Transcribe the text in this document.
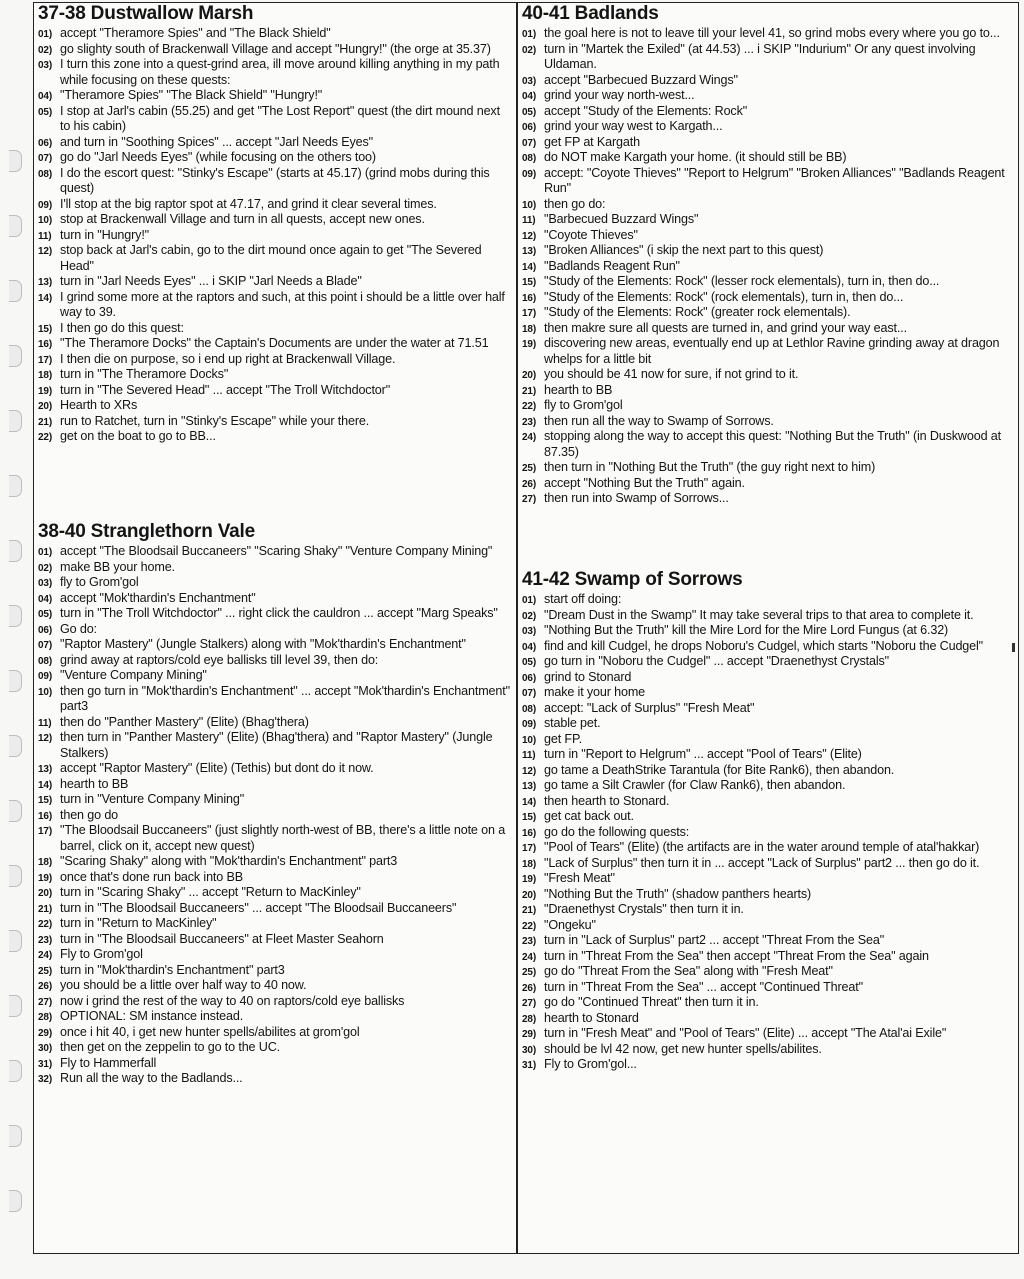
37-38 Dustwallow Marsh
01) accept "Theramore Spies" and "The Black Shield"
02) go slighty south of Brackenwall Village and accept "Hungry!" (the orge at 35.37)
03) I turn this zone into a quest-grind area, ill move around killing anything in my path while focusing on these quests:
04) "Theramore Spies" "The Black Shield" "Hungry!"
05) I stop at Jarl's cabin (55.25) and get "The Lost Report" quest (the dirt mound next to his cabin)
06) and turn in "Soothing Spices" ... accept "Jarl Needs Eyes"
07) go do "Jarl Needs Eyes" (while focusing on the others too)
08) I do the escort quest: "Stinky's Escape" (starts at 45.17) (grind mobs during this quest)
09) I'll stop at the big raptor spot at 47.17, and grind it clear several times.
10) stop at Brackenwall Village and turn in all quests, accept new ones.
11) turn in "Hungry!"
12) stop back at Jarl's cabin, go to the dirt mound once again to get "The Severed Head"
13) turn in "Jarl Needs Eyes" ... i SKIP "Jarl Needs a Blade"
14) I grind some more at the raptors and such, at this point i should be a little over half way to 39.
15) I then go do this quest:
16) "The Theramore Docks" the Captain's Documents are under the water at 71.51
17) I then die on purpose, so i end up right at Brackenwall Village.
18) turn in "The Theramore Docks"
19) turn in "The Severed Head" ... accept "The Troll Witchdoctor"
20) Hearth to XRs
21) run to Ratchet, turn in "Stinky's Escape" while your there.
22) get on the boat to go to BB...
38-40 Stranglethorn Vale
01) accept "The Bloodsail Buccaneers" "Scaring Shaky" "Venture Company Mining"
02) make BB your home.
03) fly to Grom'gol
04) accept "Mok'thardin's Enchantment"
05) turn in "The Troll Witchdoctor" ... right click the cauldron ... accept "Marg Speaks"
06) Go do:
07) "Raptor Mastery" (Jungle Stalkers) along with "Mok'thardin's Enchantment"
08) grind away at raptors/cold eye ballisks till level 39, then do:
09) "Venture Company Mining"
10) then go turn in "Mok'thardin's Enchantment" ... accept "Mok'thardin's Enchantment" part3
11) then do "Panther Mastery" (Elite) (Bhag'thera)
12) then turn in "Panther Mastery" (Elite) (Bhag'thera) and "Raptor Mastery" (Jungle Stalkers)
13) accept "Raptor Mastery" (Elite) (Tethis) but dont do it now.
14) hearth to BB
15) turn in "Venture Company Mining"
16) then go do
17) "The Bloodsail Buccaneers" (just slightly north-west of BB, there's a little note on a barrel, click on it, accept new quest)
18) "Scaring Shaky" along with "Mok'thardin's Enchantment" part3
19) once that's done run back into BB
20) turn in "Scaring Shaky" ... accept "Return to MacKinley"
21) turn in "The Bloodsail Buccaneers" ... accept "The Bloodsail Buccaneers"
22) turn in "Return to MacKinley"
23) turn in "The Bloodsail Buccaneers" at Fleet Master Seahorn
24) Fly to Grom'gol
25) turn in "Mok'thardin's Enchantment" part3
26) you should be a little over half way to 40 now.
27) now i grind the rest of the way to 40 on raptors/cold eye ballisks
28) OPTIONAL: SM instance instead.
29) once i hit 40, i get new hunter spells/abilites at grom'gol
30) then get on the zeppelin to go to the UC.
31) Fly to Hammerfall
32) Run all the way to the Badlands...
40-41 Badlands
01) the goal here is not to leave till your level 41, so grind mobs every where you go to...
02) turn in "Martek the Exiled" (at 44.53) ... i SKIP "Indurium" Or any quest involving Uldaman.
03) accept "Barbecued Buzzard Wings"
04) grind your way north-west...
05) accept "Study of the Elements: Rock"
06) grind your way west to Kargath...
07) get FP at Kargath
08) do NOT make Kargath your home. (it should still be BB)
09) accept: "Coyote Thieves" "Report to Helgrum" "Broken Alliances" "Badlands Reagent Run"
10) then go do:
11) "Barbecued Buzzard Wings"
12) "Coyote Thieves"
13) "Broken Alliances" (i skip the next part to this quest)
14) "Badlands Reagent Run"
15) "Study of the Elements: Rock" (lesser rock elementals), turn in, then do...
16) "Study of the Elements: Rock" (rock elementals), turn in, then do...
17) "Study of the Elements: Rock" (greater rock elementals).
18) then makre sure all quests are turned in, and grind your way east...
19) discovering new areas, eventually end up at Lethlor Ravine grinding away at dragon whelps for a little bit
20) you should be 41 now for sure, if not grind to it.
21) hearth to BB
22) fly to Grom'gol
23) then run all the way to Swamp of Sorrows.
24) stopping along the way to accept this quest: "Nothing But the Truth" (in Duskwood at 87.35)
25) then turn in "Nothing But the Truth" (the guy right next to him)
26) accept "Nothing But the Truth" again.
27) then run into Swamp of Sorrows...
41-42 Swamp of Sorrows
01) start off doing:
02) "Dream Dust in the Swamp" It may take several trips to that area to complete it.
03) "Nothing But the Truth" kill the Mire Lord for the Mire Lord Fungus (at 6.32)
04) find and kill Cudgel, he drops Noboru's Cudgel, which starts "Noboru the Cudgel"
05) go turn in "Noboru the Cudgel" ... accept "Draenethyst Crystals"
06) grind to Stonard
07) make it your home
08) accept: "Lack of Surplus" "Fresh Meat"
09) stable pet.
10) get FP.
11) turn in "Report to Helgrum" ... accept "Pool of Tears" (Elite)
12) go tame a DeathStrike Tarantula (for Bite Rank6), then abandon.
13) go tame a Silt Crawler (for Claw Rank6), then abandon.
14) then hearth to Stonard.
15) get cat back out.
16) go do the following quests:
17) "Pool of Tears" (Elite) (the artifacts are in the water around temple of atal'hakkar)
18) "Lack of Surplus" then turn it in ... accept "Lack of Surplus" part2 ... then go do it.
19) "Fresh Meat"
20) "Nothing But the Truth" (shadow panthers hearts)
21) "Draenethyst Crystals" then turn it in.
22) "Ongeku"
23) turn in "Lack of Surplus" part2 ... accept "Threat From the Sea"
24) turn in "Threat From the Sea" then accept "Threat From the Sea" again
25) go do "Threat From the Sea" along with "Fresh Meat"
26) turn in "Threat From the Sea" ... accept "Continued Threat"
27) go do "Continued Threat" then turn it in.
28) hearth to Stonard
29) turn in "Fresh Meat" and "Pool of Tears" (Elite) ... accept "The Atal'ai Exile"
30) should be lvl 42 now, get new hunter spells/abilites.
31) Fly to Grom'gol...
